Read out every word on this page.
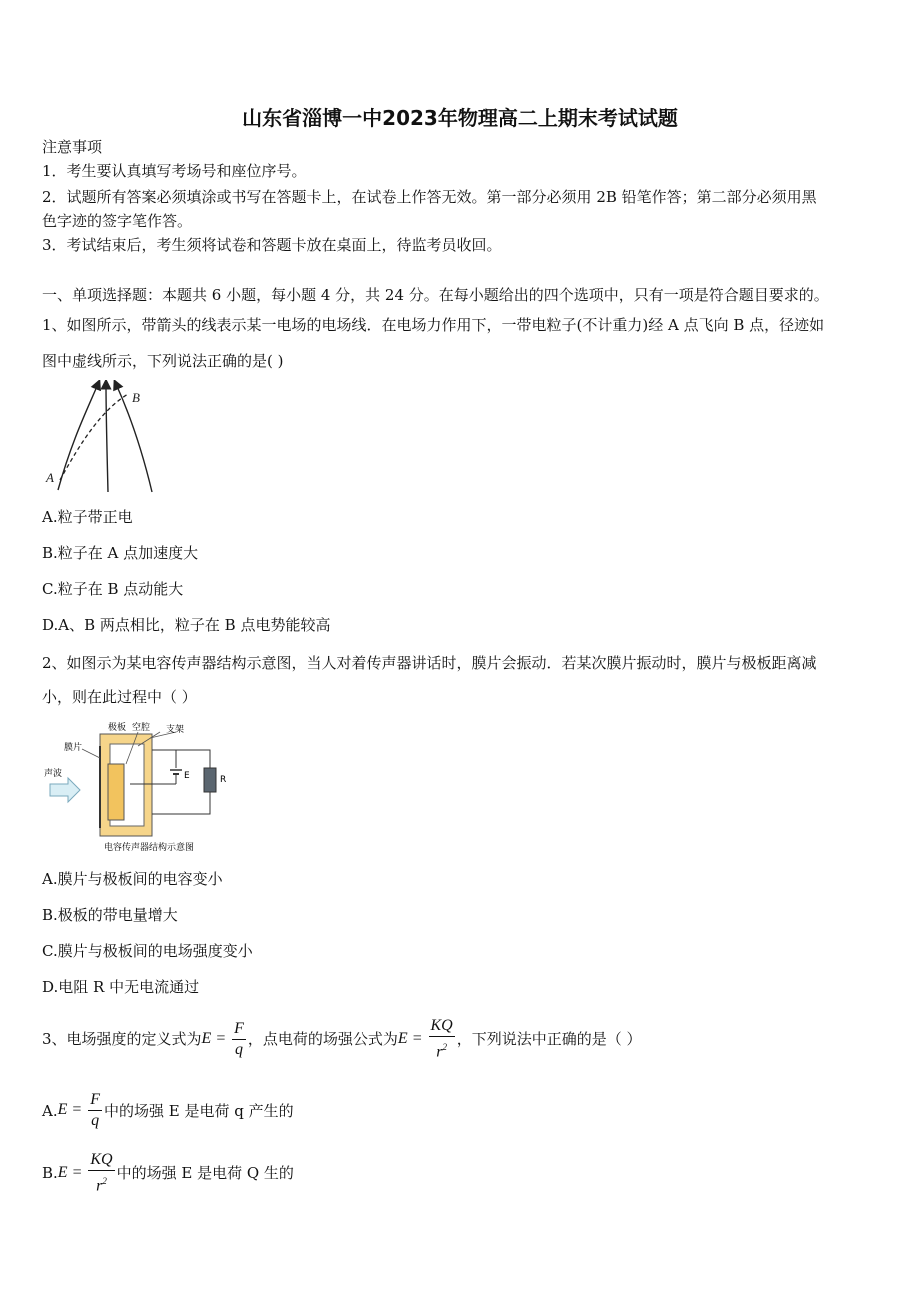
山东省淄博一中2023年物理高二上期末考试试题
注意事项
1．考生要认真填写考场号和座位序号。
2．试题所有答案必须填涂或书写在答题卡上，在试卷上作答无效。第一部分必须用 2B 铅笔作答；第二部分必须用黑
色字迹的签字笔作答。
3．考试结束后，考生须将试卷和答题卡放在桌面上，待监考员收回。
一、单项选择题：本题共 6 小题，每小题 4 分，共 24 分。在每小题给出的四个选项中，只有一项是符合题目要求的。
1、如图所示，带箭头的线表示某一电场的电场线．在电场力作用下，一带电粒子(不计重力)经 A 点飞向 B 点，径迹如
图中虚线所示，下列说法正确的是( )
A
B
A.粒子带正电
B.粒子在 A 点加速度大
C.粒子在 B 点动能大
D.A、B 两点相比，粒子在 B 点电势能较高
2、如图示为某电容传声器结构示意图，当人对着传声器讲话时，膜片会振动．若某次膜片振动时，膜片与极板距离减
小，则在此过程中（ ）
极板 空腔 支架
膜片
声波	E	R
电容传声器结构示意图
A.膜片与极板间的电容变小
B.极板的带电量增大
C.膜片与极板间的电场强度变小
D.电阻 R 中无电流通过
3、电场强度的定义式为 $E = \frac{F}{q}$ ，点电荷的场强公式为 $E = \frac{KQ}{r^2}$ ，下列说法中正确的是（ ）
A. $E = \frac{F}{q}$ 中的场强 E 是电荷 q 产生的
B. $E = \frac{KQ}{r^2}$ 中的场强 E 是电荷 Q 生的
